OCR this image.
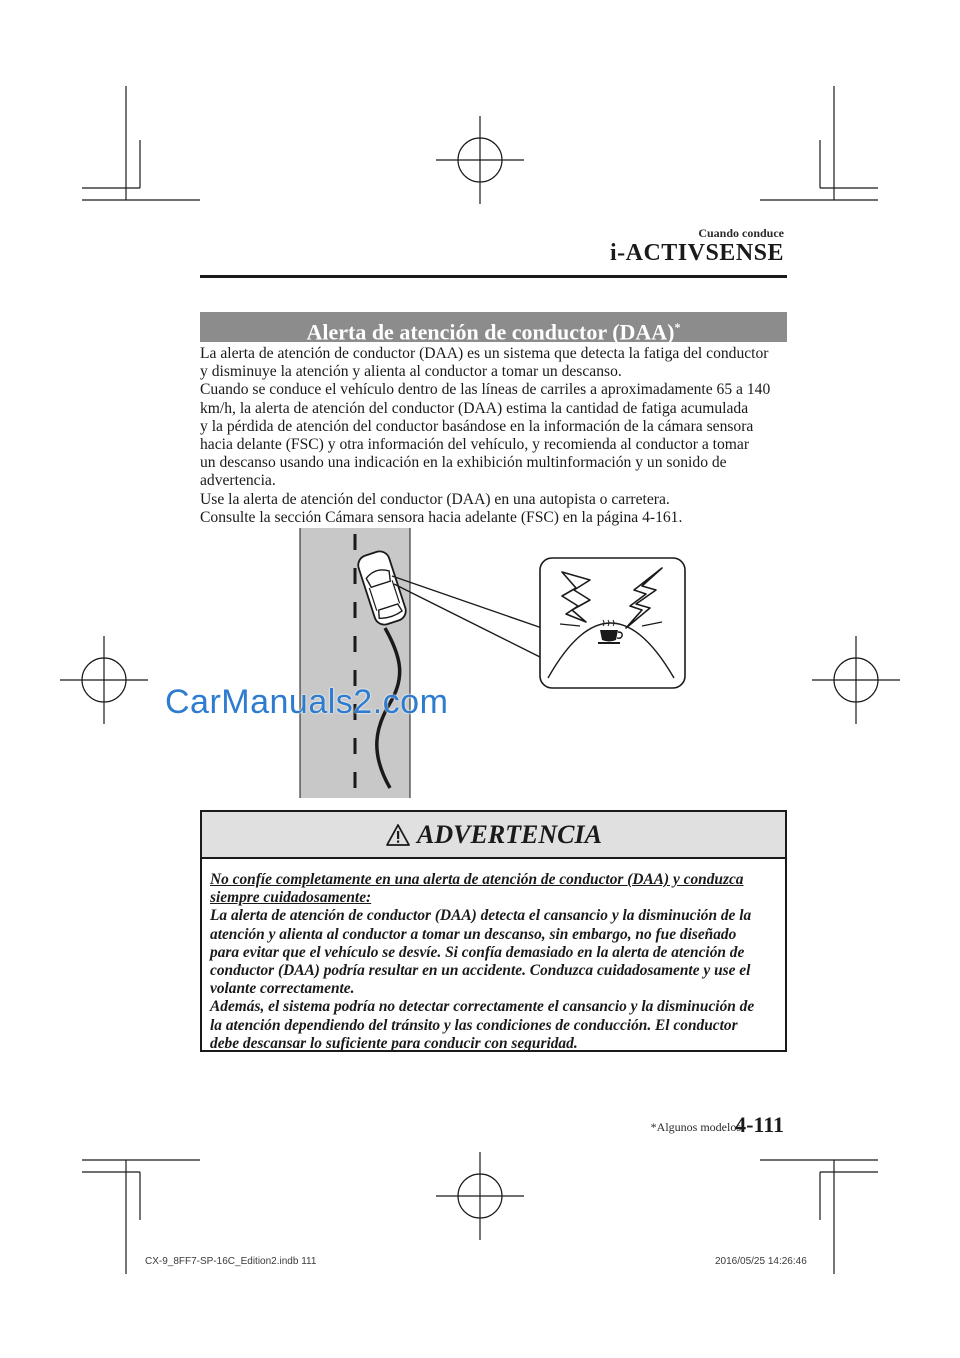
Cuando conduce
i-ACTIVSENSE
Alerta de atención de conductor (DAA)*

La alerta de atención de conductor (DAA) es un sistema que detecta la fatiga del conductor

y disminuye la atención y alienta al conductor a tomar un descanso.

Cuando se conduce el vehículo dentro de las líneas de carriles a aproximadamente 65 a 140

km/h, la alerta de atención del conductor (DAA) estima la cantidad de fatiga acumulada

y la pérdida de atención del conductor basándose en la información de la cámara sensora

hacia delante (FSC) y otra información del vehículo, y recomienda al conductor a tomar

un descanso usando una indicación en la exhibición multinformación y un sonido de

advertencia.

Use la alerta de atención del conductor (DAA) en una autopista o carretera.

Consulte la sección Cámara sensora hacia adelante (FSC) en la página 4-161.

CarManuals2.com
ADVERTENCIA

No confíe completamente en una alerta de atención de conductor (DAA) y conduzca

siempre cuidadosamente:

La alerta de atención de conductor (DAA) detecta el cansancio y la disminución de la

atención y alienta al conductor a tomar un descanso, sin embargo, no fue diseñado

para evitar que el vehículo se desvíe. Si confía demasiado en la alerta de atención de

conductor (DAA) podría resultar en un accidente. Conduzca cuidadosamente y use el

volante correctamente.

Además, el sistema podría no detectar correctamente el cansancio y la disminución de

la atención dependiendo del tránsito y las condiciones de conducción. El conductor

debe descansar lo suficiente para conducir con seguridad.

*Algunos modelos.
4-111
CX-9_8FF7-SP-16C_Edition2.indb 111	2016/05/25 14:26:46
